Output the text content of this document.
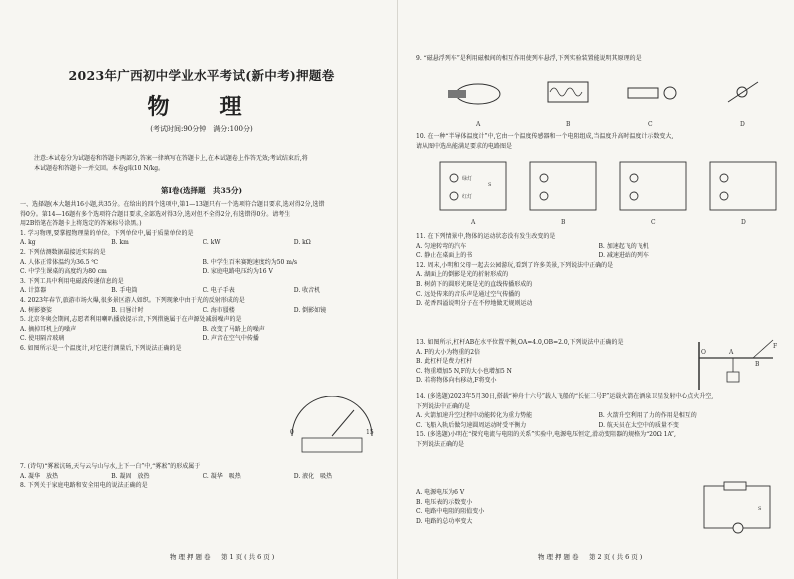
2023年广西初中学业水平考试(新中考)押题卷
物　理
(考试时间:90分钟　满分:100分)
注意:本试卷分为试题卷和答题卡两部分,答案一律填写在答题卡上,在本试题卷上作答无效;考试结束后,将
本试题卷和答题卡一并交回。本卷g取10 N/kg。
第Ⅰ卷(选择题　共35分)

一、选择题(本大题共16小题,共35分。在给出的四个选项中,第1—13题只有一个选项符合题目要求,选对得2分,选错

得0分。第14—16题有多个选项符合题目要求,全部选对得3分,选对但不全得2分,有选错得0分。请考生

用2B铅笔在答题卡上将选定的答案标号涂黑。)

1. 学习物理,要掌握物理量的单位。下列单位中,属于质量单位的是

A. kg	B. km	C. kW	D. kΩ

2. 下列估测数据最接近实际的是

A. 人体正常体温约为36.5 ℃	B. 中学生百米赛跑速度约为50 m/s
C. 中学生课桌的高度约为80 cm	D. 家庭电路电压约为16 V

3. 下列工具中利用电磁波传递信息的是

A. 计算器	B. 手电筒	C. 电子手表	D. 收音机

4. 2023年春节,旅游市场火爆,很多景区游人如织。下列现象中由于光的反射形成的是

A. 树影婆娑	B. 日晷计时	C. 海市蜃楼	D. 倒影如镜

5. 北京冬奥会期间,志愿者利用喇叭播放提示音,下列措施属于在声源处减弱噪声的是

A. 摘掉耳机上的噪声	B. 改变了马路上的噪声
C. 使用隔音玻璃	D. 声音在空气中传播

6. 如图所示是一个温度计,对它进行测量后,下列说法正确的是

0	15

7. (诗句)“雾凇沆砀,天与云与山与水,上下一白”中,“雾凇”的形成属于

A. 凝华　放热	B. 凝固　放热	C. 凝华　吸热	D. 液化　吸热

8. 下列关于家庭电路和安全用电的说法正确的是

物理押题卷　第1页(共6页)

9. “磁悬浮列车”是利用磁极间的相互作用使列车悬浮,下列实验装置能说明其原理的是

A	B	C	D

10. 在一种“半导体温度计”中,它由一个温度传感器和一个电阻组成,当温度升高时温度计示数变大,

请从图中选出能满足要求的电路图是

绿灯
红灯
S
A	B	C	D

11. 在下列情景中,物体的运动状态没有发生改变的是

A. 匀速转弯的汽车	B. 加速起飞的飞机
C. 静止在桌面上的书	D. 减速进站的列车

12. 周末,小明和父母一起去公园游玩,看到了许多美景,下列说法中正确的是

A. 湖面上的倒影是光的折射形成的

B. 树荫下的圆形光斑是光的直线传播形成的

C. 远处传来的音乐声是通过空气传播的

D. 花香四溢说明分子在不停地做无规则运动

13. 如图所示,杠杆AB在水平位置平衡,OA=4.0,OB=2.0,下列说法中正确的是

A. F的大小为物重的2倍

B. 此杠杆是费力杠杆

C. 物重增加5 N,F的大小也增加5 N

D. 若将物体向右移动,F将变小

O	A
B
F

14. (多选题)2023年5月30日,搭载“神舟十六号”载人飞船的“长征二号F”运载火箭在酒泉卫星发射中心点火升空,

下列说法中正确的是

A. 火箭加速升空过程中动能转化为重力势能	B. 火箭升空利用了力的作用是相互的
C. 飞船入轨后做匀速圆周运动时受平衡力	D. 航天员在太空中的质量不变

15. (多选题)小明在“探究电流与电阻的关系”实验中,电源电压恒定,滑动变阻器的规格为“20Ω 1A”,

下列说法正确的是

A. 电源电压为6 V

B. 电压表的示数变小

C. 电路中电阻的阻值变小

D. 电路的总功率变大

S
物理押题卷　第2页(共6页)
